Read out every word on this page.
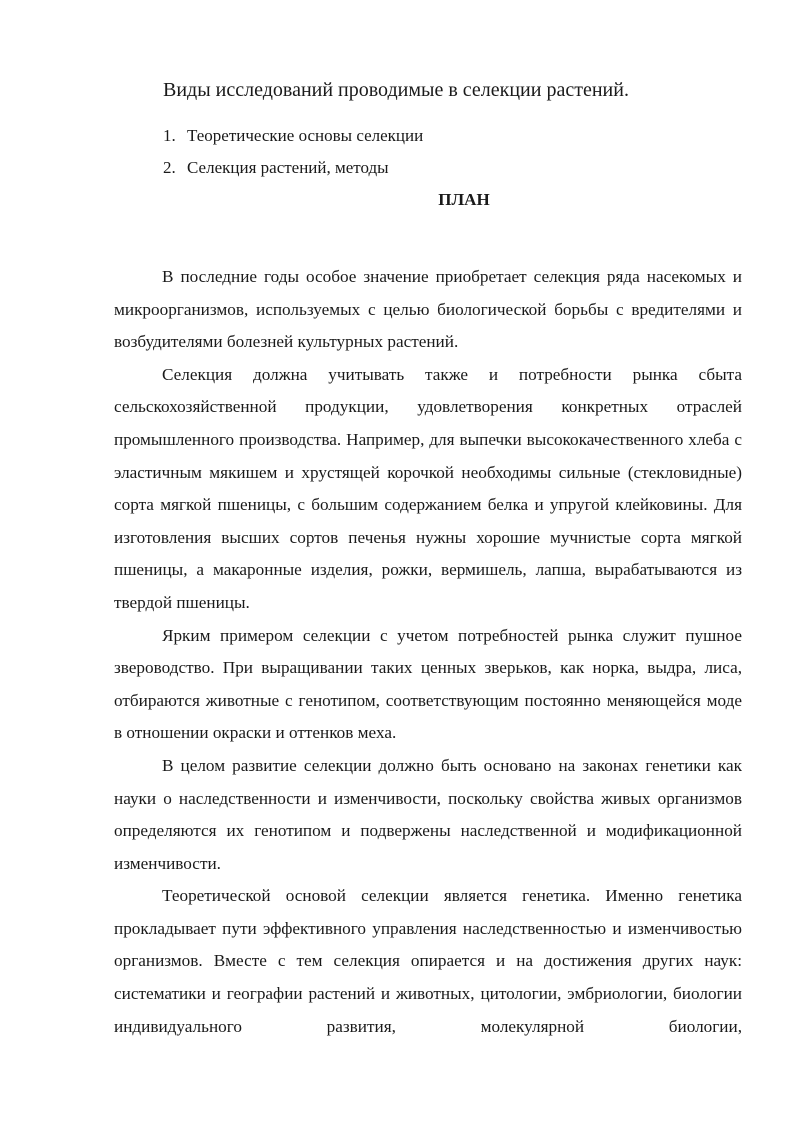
Виды исследований проводимые в селекции растений.
1. Теоретические основы селекции
2. Селекция растений, методы
ПЛАН

В последние годы особое значение приобретает селекция ряда насекомых и микроорганизмов, используемых с целью биологической борьбы с вредителями и возбудителями болезней культурных растений.

Селекция должна учитывать также и потребности рынка сбыта сельскохозяйственной продукции, удовлетворения конкретных отраслей промышленного производства. Например, для выпечки высококачественного хлеба с эластичным мякишем и хрустящей корочкой необходимы сильные (стекловидные) сорта мягкой пшеницы, с большим содержанием белка и упругой клейковины. Для изготовления высших сортов печенья нужны хорошие мучнистые сорта мягкой пшеницы, а макаронные изделия, рожки, вермишель, лапша, вырабатываются из твердой пшеницы.

Ярким примером селекции с учетом потребностей рынка служит пушное звероводство. При выращивании таких ценных зверьков, как норка, выдра, лиса, отбираются животные с генотипом, соответствующим постоянно меняющейся моде в отношении окраски и оттенков меха.

В целом развитие селекции должно быть основано на законах генетики как науки о наследственности и изменчивости, поскольку свойства живых организмов определяются их генотипом и подвержены наследственной и модификационной изменчивости.

Теоретической основой селекции является генетика. Именно генетика прокладывает пути эффективного управления наследственностью и изменчивостью организмов. Вместе с тем селекция опирается и на достижения других наук: систематики и географии растений и животных, цитологии, эмбриологии, биологии индивидуального развития, молекулярной биологии,
